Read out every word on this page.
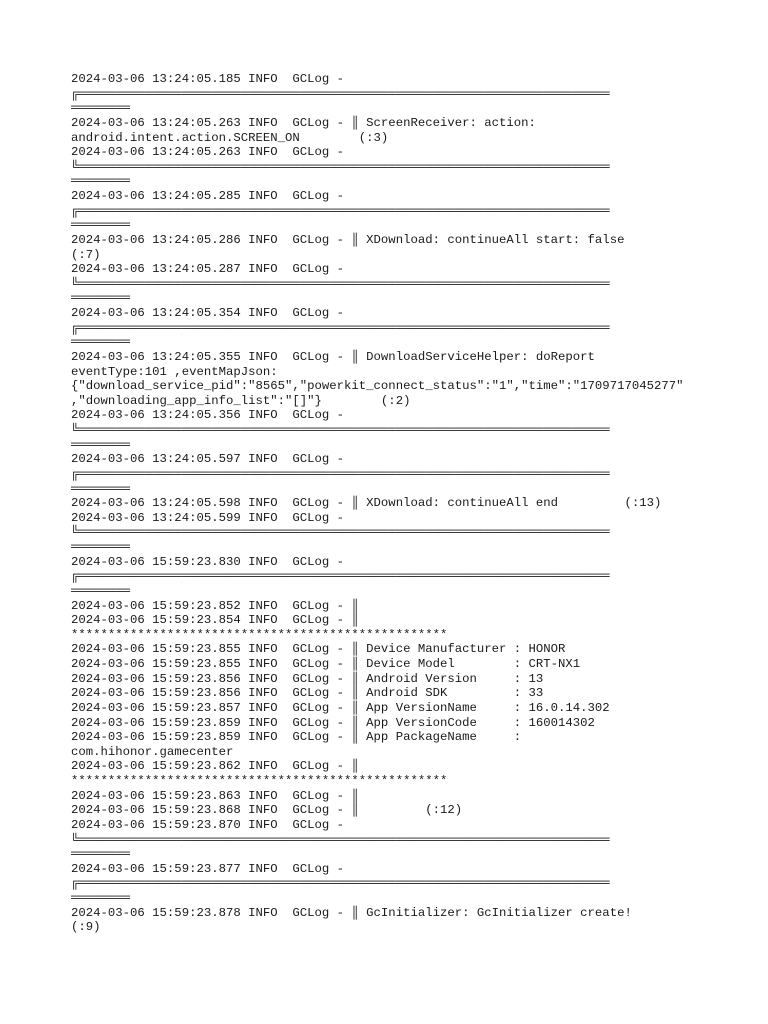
2024-03-06 13:24:05.185 INFO  GCLog -
╔════════════════════════════════════════════════════════════════════════
════════
2024-03-06 13:24:05.263 INFO  GCLog - ║ ScreenReceiver: action:
android.intent.action.SCREEN_ON        (:3)
2024-03-06 13:24:05.263 INFO  GCLog -
╚════════════════════════════════════════════════════════════════════════
════════
2024-03-06 13:24:05.285 INFO  GCLog -
╔════════════════════════════════════════════════════════════════════════
════════
2024-03-06 13:24:05.286 INFO  GCLog - ║ XDownload: continueAll start: false
(:7)
2024-03-06 13:24:05.287 INFO  GCLog -
╚════════════════════════════════════════════════════════════════════════
════════
2024-03-06 13:24:05.354 INFO  GCLog -
╔════════════════════════════════════════════════════════════════════════
════════
2024-03-06 13:24:05.355 INFO  GCLog - ║ DownloadServiceHelper: doReport
eventType:101 ,eventMapJson:
{"download_service_pid":"8565","powerkit_connect_status":"1","time":"1709717045277"
,"downloading_app_info_list":"[]"}        (:2)
2024-03-06 13:24:05.356 INFO  GCLog -
╚════════════════════════════════════════════════════════════════════════
════════
2024-03-06 13:24:05.597 INFO  GCLog -
╔════════════════════════════════════════════════════════════════════════
════════
2024-03-06 13:24:05.598 INFO  GCLog - ║ XDownload: continueAll end         (:13)
2024-03-06 13:24:05.599 INFO  GCLog -
╚════════════════════════════════════════════════════════════════════════
════════
2024-03-06 15:59:23.830 INFO  GCLog -
╔════════════════════════════════════════════════════════════════════════
════════
2024-03-06 15:59:23.852 INFO  GCLog - ║
2024-03-06 15:59:23.854 INFO  GCLog - ║
***************************************************
2024-03-06 15:59:23.855 INFO  GCLog - ║ Device Manufacturer : HONOR
2024-03-06 15:59:23.855 INFO  GCLog - ║ Device Model        : CRT-NX1
2024-03-06 15:59:23.856 INFO  GCLog - ║ Android Version     : 13
2024-03-06 15:59:23.856 INFO  GCLog - ║ Android SDK         : 33
2024-03-06 15:59:23.857 INFO  GCLog - ║ App VersionName     : 16.0.14.302
2024-03-06 15:59:23.859 INFO  GCLog - ║ App VersionCode     : 160014302
2024-03-06 15:59:23.859 INFO  GCLog - ║ App PackageName     :
com.hihonor.gamecenter
2024-03-06 15:59:23.862 INFO  GCLog - ║
***************************************************
2024-03-06 15:59:23.863 INFO  GCLog - ║
2024-03-06 15:59:23.868 INFO  GCLog - ║         (:12)
2024-03-06 15:59:23.870 INFO  GCLog -
╚════════════════════════════════════════════════════════════════════════
════════
2024-03-06 15:59:23.877 INFO  GCLog -
╔════════════════════════════════════════════════════════════════════════
════════
2024-03-06 15:59:23.878 INFO  GCLog - ║ GcInitializer: GcInitializer create!
(:9)
